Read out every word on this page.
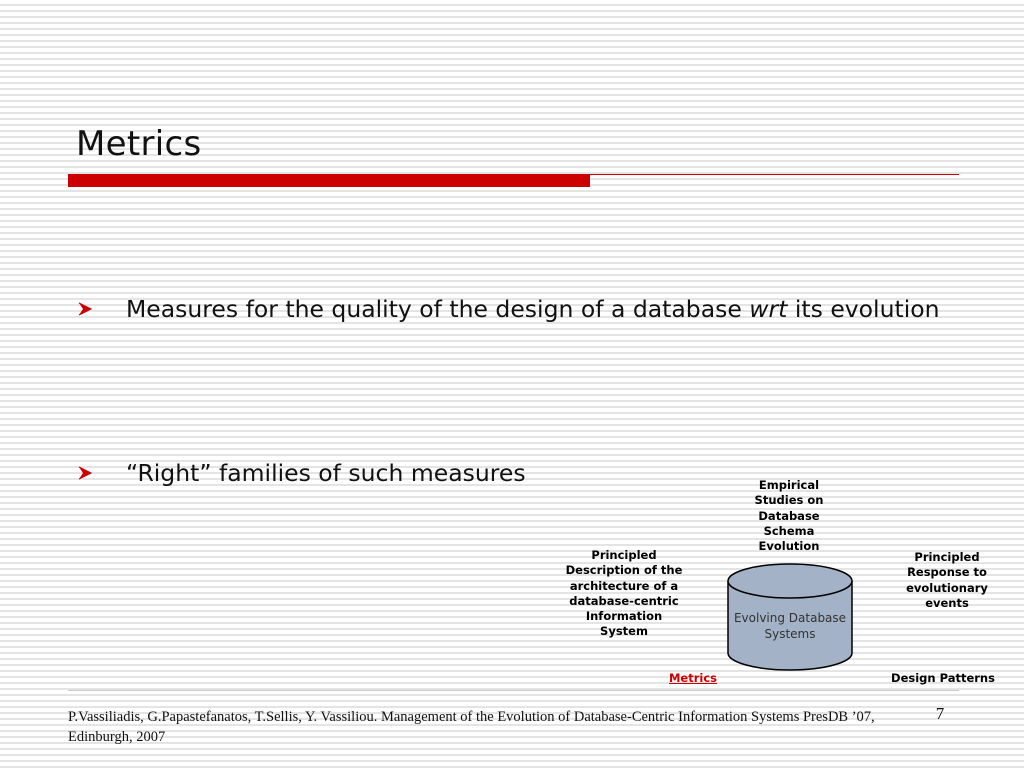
Metrics
Measures for the quality of the design of a database wrt its evolution
“Right” families of such measures	Empirical Studies on Database Schema Evolution
Principled Description of the architecture of a database-centric Information System
Principled Response to evolutionary events
Evolving Database Systems
Metrics	Design Patterns
P.Vassiliadis, G.Papastefanatos, T.Sellis, Y. Vassiliou. Management of the Evolution of Database-Centric Information Systems PresDB ’07, Edinburgh, 2007
7
